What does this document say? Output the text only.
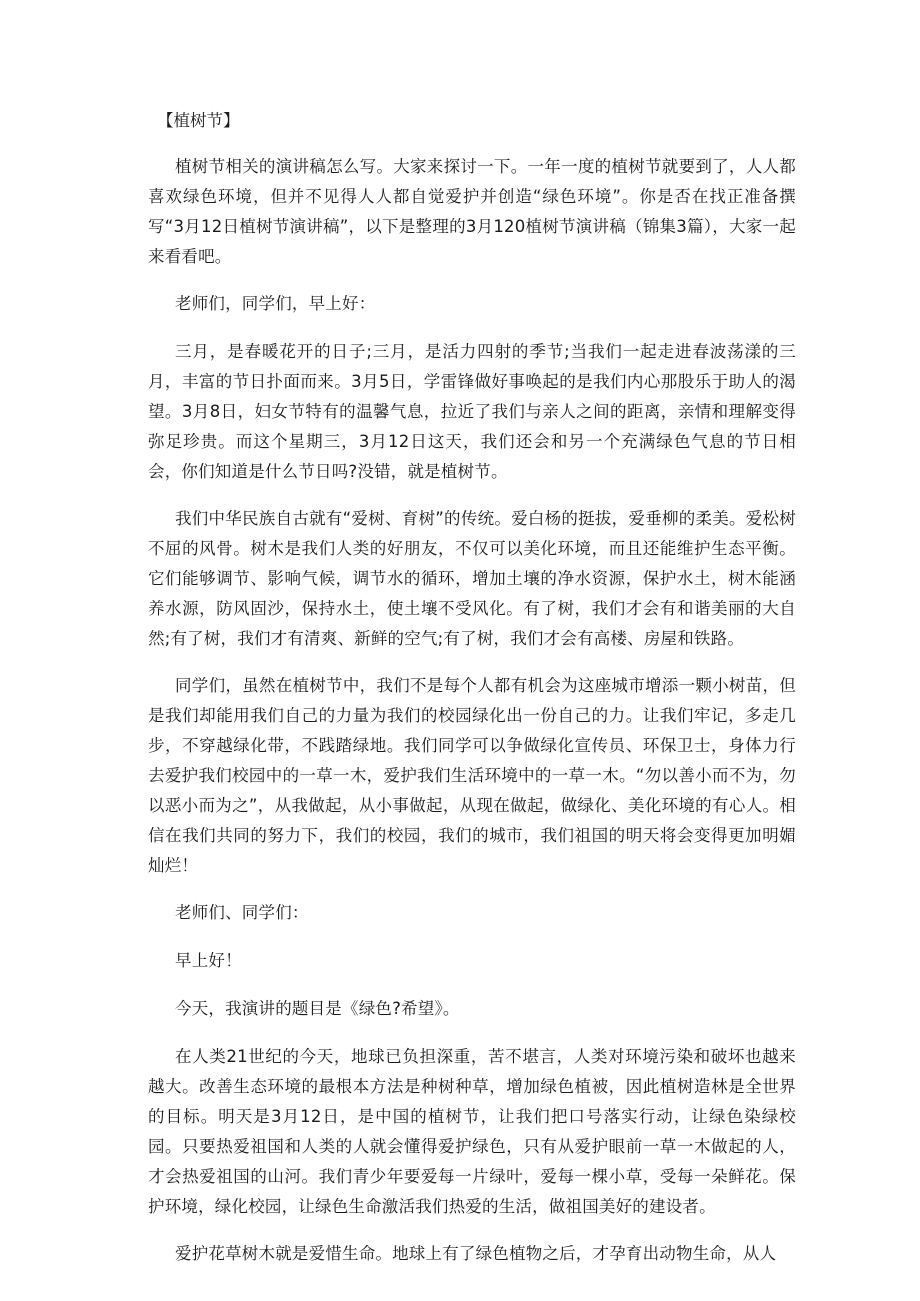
【植树节】

植树节相关的演讲稿怎么写。大家来探讨一下。一年一度的植树节就要到了，人人都喜欢绿色环境，但并不见得人人都自觉爱护并创造“绿色环境”。你是否在找正准备撰写“3月12日植树节演讲稿”，以下是整理的3月120植树节演讲稿（锦集3篇），大家一起来看看吧。

老师们，同学们，早上好：

三月，是春暖花开的日子;三月，是活力四射的季节;当我们一起走进春波荡漾的三月，丰富的节日扑面而来。3月5日，学雷锋做好事唤起的是我们内心那股乐于助人的渴望。3月8日，妇女节特有的温馨气息，拉近了我们与亲人之间的距离，亲情和理解变得弥足珍贵。而这个星期三，3月12日这天，我们还会和另一个充满绿色气息的节日相会，你们知道是什么节日吗?没错，就是植树节。

我们中华民族自古就有“爱树、育树”的传统。爱白杨的挺拔，爱垂柳的柔美。爱松树不屈的风骨。树木是我们人类的好朋友，不仅可以美化环境，而且还能维护生态平衡。它们能够调节、影响气候，调节水的循环，增加土壤的净水资源，保护水土，树木能涵养水源，防风固沙，保持水土，使土壤不受风化。有了树，我们才会有和谐美丽的大自然;有了树，我们才有清爽、新鲜的空气;有了树，我们才会有高楼、房屋和铁路。

同学们，虽然在植树节中，我们不是每个人都有机会为这座城市增添一颗小树苗，但是我们却能用我们自己的力量为我们的校园绿化出一份自己的力。让我们牢记，多走几步，不穿越绿化带，不践踏绿地。我们同学可以争做绿化宣传员、环保卫士，身体力行去爱护我们校园中的一草一木，爱护我们生活环境中的一草一木。“勿以善小而不为，勿以恶小而为之”，从我做起，从小事做起，从现在做起，做绿化、美化环境的有心人。相信在我们共同的努力下，我们的校园，我们的城市，我们祖国的明天将会变得更加明媚灿烂！

老师们、同学们：

早上好！

今天，我演讲的题目是《绿色?希望》。

在人类21世纪的今天，地球已负担深重，苦不堪言，人类对环境污染和破坏也越来越大。改善生态环境的最根本方法是种树种草，增加绿色植被，因此植树造林是全世界的目标。明天是3月12日，是中国的植树节，让我们把口号落实行动，让绿色染绿校园。只要热爱祖国和人类的人就会懂得爱护绿色，只有从爱护眼前一草一木做起的人，才会热爱祖国的山河。我们青少年要爱每一片绿叶，爱每一棵小草，受每一朵鲜花。保护环境，绿化校园，让绿色生命激活我们热爱的生活，做祖国美好的建设者。

爱护花草树木就是爱惜生命。地球上有了绿色植物之后，才孕育出动物生命，从人
